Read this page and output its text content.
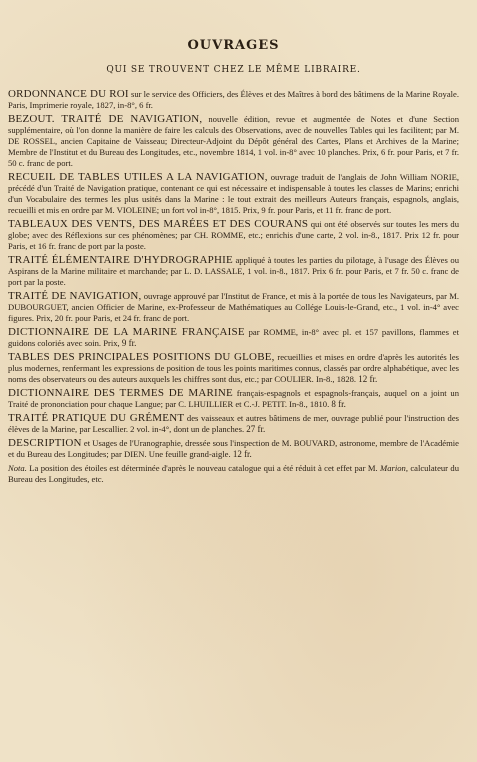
OUVRAGES
QUI SE TROUVENT CHEZ LE MÊME LIBRAIRE.
ORDONNANCE DU ROI sur le service des Officiers, des Élèves et des Maîtres à bord des bâtimens de la Marine Royale. Paris, Imprimerie royale, 1827, in-8°, 6 fr.
BEZOUT. TRAITÉ DE NAVIGATION, nouvelle édition, revue et augmentée de Notes et d'une Section supplémentaire, où l'on donne la manière de faire les calculs des Observations, avec de nouvelles Tables qui les facilitent; par M. DE ROSSEL, ancien Capitaine de Vaisseau; Directeur-Adjoint du Dépôt général des Cartes, Plans et Archives de la Marine; Membre de l'Institut et du Bureau des Longitudes, etc., novembre 1814, 1 vol. in-8° avec 10 planches. Prix, 6 fr. pour Paris, et 7 fr. 50 c. franc de port.
RECUEIL DE TABLES UTILES A LA NAVIGATION, ouvrage traduit de l'anglais de John William NORIE, précédé d'un Traité de Navigation pratique, contenant ce qui est nécessaire et indispensable à toutes les classes de Marins; enrichi d'un Vocabulaire des termes les plus usités dans la Marine : le tout extrait des meilleurs Auteurs français, espagnols, anglais, recueilli et mis en ordre par M. VIOLEINE; un fort vol in-8°, 1815. Prix, 9 fr. pour Paris, et 11 fr. franc de port.
TABLEAUX DES VENTS, DES MARÉES ET DES COURANS qui ont été observés sur toutes les mers du globe; avec des Réflexions sur ces phénomènes; par CH. ROMME, etc.; enrichis d'une carte, 2 vol. in-8., 1817. Prix 12 fr. pour Paris, et 16 fr. franc de port par la poste.
TRAITÉ ÉLÉMENTAIRE D'HYDROGRAPHIE appliqué à toutes les parties du pilotage, à l'usage des Élèves ou Aspirans de la Marine militaire et marchande; par L. D. LASSALE, 1 vol. in-8., 1817. Prix 6 fr. pour Paris, et 7 fr. 50 c. franc de port par la poste.
TRAITÉ DE NAVIGATION, ouvrage approuvé par l'Institut de France, et mis à la portée de tous les Navigateurs, par M. DUBOURGUET, ancien Officier de Marine, ex-Professeur de Mathématiques au Collége Louis-le-Grand, etc., 1 vol. in-4° avec figures. Prix, 20 fr. pour Paris, et 24 fr. franc de port.
DICTIONNAIRE DE LA MARINE FRANÇAISE par ROMME, in-8° avec pl. et 157 pavillons, flammes et guidons coloriés avec soin. Prix, 9 fr.
TABLES DES PRINCIPALES POSITIONS DU GLOBE, recueillies et mises en ordre d'après les autorités les plus modernes, renfermant les expressions de position de tous les points maritimes connus, classés par ordre alphabétique, avec les noms des observateurs ou des auteurs auxquels les chiffres sont dus, etc.; par COULIER. In-8., 1828. 12 fr.
DICTIONNAIRE DES TERMES DE MARINE français-espagnols et espagnols-français, auquel on a joint un Traité de prononciation pour chaque Langue; par C. LHUILLIER et C.-J. PETIT. In-8., 1810. 8 fr.
TRAITÉ PRATIQUE DU GRÉMENT des vaisseaux et autres bâtimens de mer, ouvrage publié pour l'instruction des élèves de la Marine, par Lescallier. 2 vol. in-4°, dont un de planches. 27 fr.
DESCRIPTION et Usages de l'Uranographie, dressée sous l'inspection de M. BOUVARD, astronome, membre de l'Académie et du Bureau des Longitudes; par DIEN. Une feuille grand-aigle. 12 fr.

Nota. La position des étoiles est déterminée d'après le nouveau catalogue qui a été réduit à cet effet par M. Marion, calculateur du Bureau des Longitudes, etc.
